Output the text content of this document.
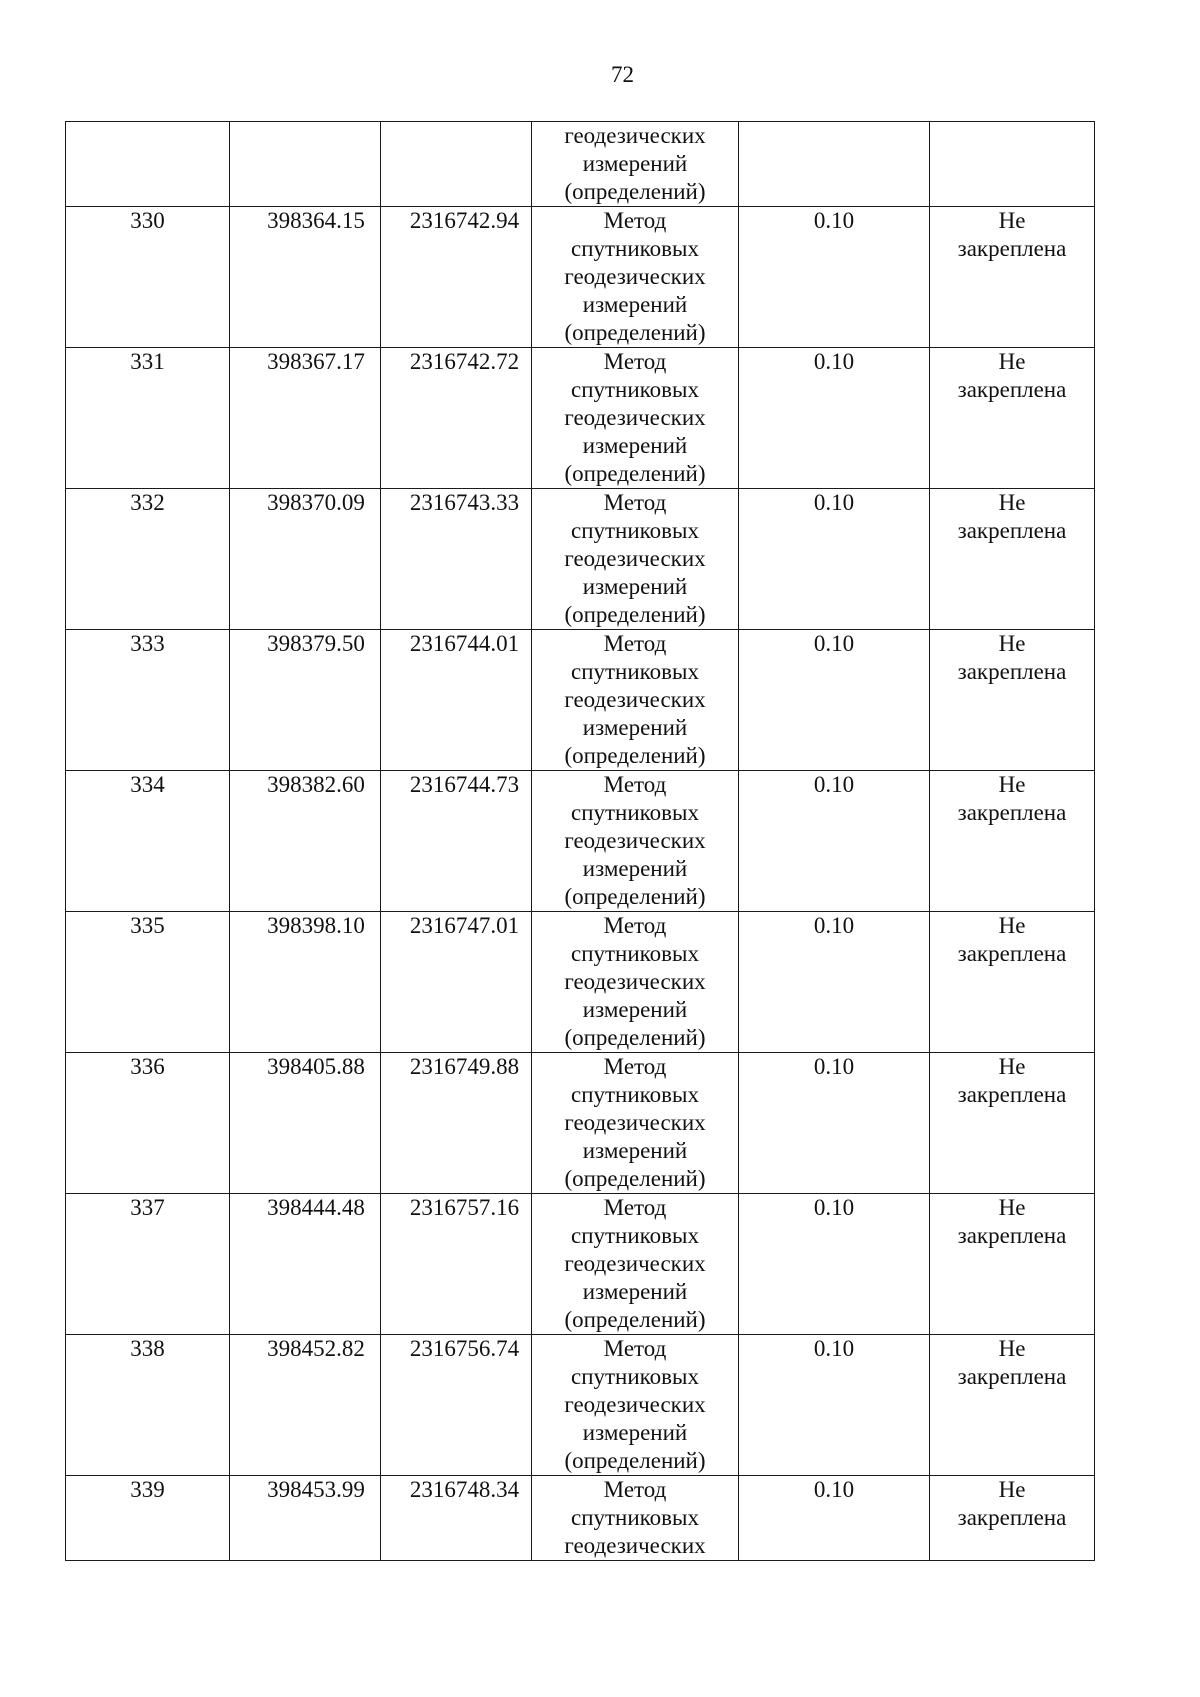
72

			геодезических
измерений
(определений)		

330	398364.15	2316742.94	Метод
спутниковых
геодезических
измерений
(определений)	0.10	Не
закреплена

331	398367.17	2316742.72	Метод
спутниковых
геодезических
измерений
(определений)	0.10	Не
закреплена

332	398370.09	2316743.33	Метод
спутниковых
геодезических
измерений
(определений)	0.10	Не
закреплена

333	398379.50	2316744.01	Метод
спутниковых
геодезических
измерений
(определений)	0.10	Не
закреплена

334	398382.60	2316744.73	Метод
спутниковых
геодезических
измерений
(определений)	0.10	Не
закреплена

335	398398.10	2316747.01	Метод
спутниковых
геодезических
измерений
(определений)	0.10	Не
закреплена

336	398405.88	2316749.88	Метод
спутниковых
геодезических
измерений
(определений)	0.10	Не
закреплена

337	398444.48	2316757.16	Метод
спутниковых
геодезических
измерений
(определений)	0.10	Не
закреплена

338	398452.82	2316756.74	Метод
спутниковых
геодезических
измерений
(определений)	0.10	Не
закреплена

339	398453.99	2316748.34	Метод
спутниковых
геодезических	0.10	Не
закреплена
